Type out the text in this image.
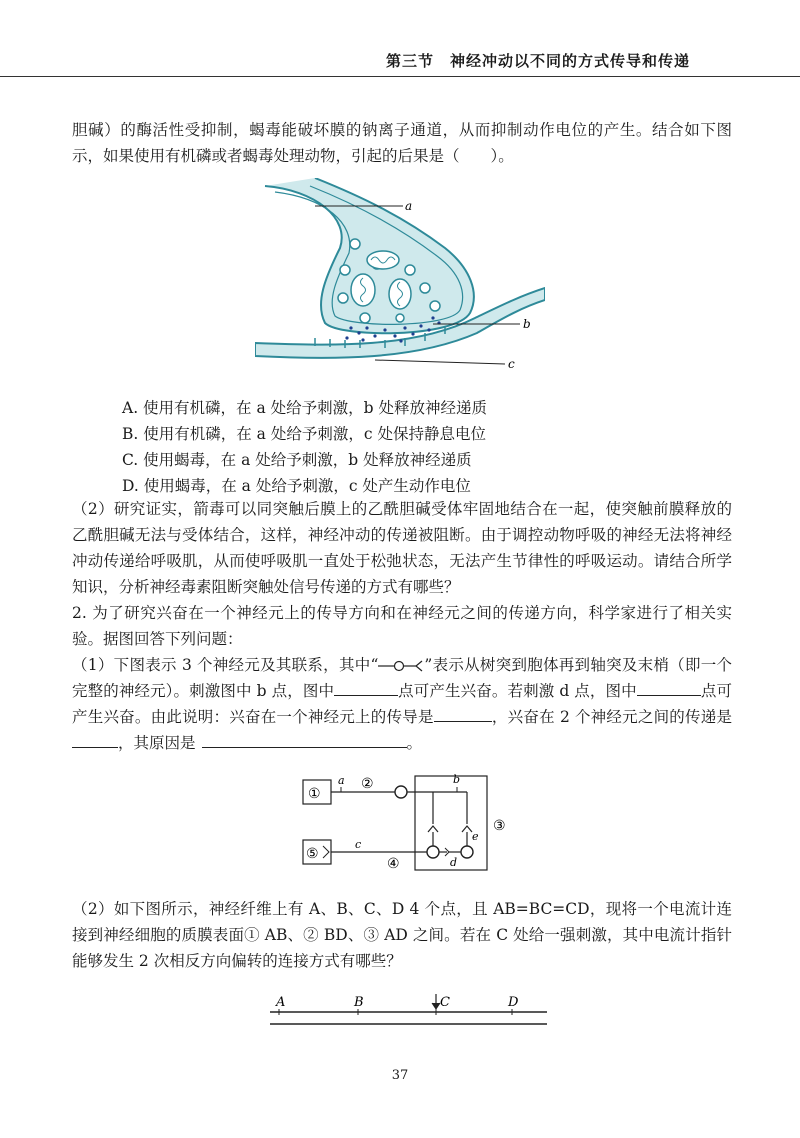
第三节　神经冲动以不同的方式传导和传递

胆碱）的酶活性受抑制，蝎毒能破坏膜的钠离子通道，从而抑制动作电位的产生。结合如下图示，如果使用有机磷或者蝎毒处理动物，引起的后果是（　　）。

a
b
c

A. 使用有机磷，在 a 处给予刺激，b 处释放神经递质

B. 使用有机磷，在 a 处给予刺激，c 处保持静息电位

C. 使用蝎毒，在 a 处给予刺激，b 处释放神经递质

D. 使用蝎毒，在 a 处给予刺激，c 处产生动作电位

（2）研究证实，箭毒可以同突触后膜上的乙酰胆碱受体牢固地结合在一起，使突触前膜释放的乙酰胆碱无法与受体结合，这样，神经冲动的传递被阻断。由于调控动物呼吸的神经无法将神经冲动传递给呼吸肌，从而使呼吸肌一直处于松弛状态，无法产生节律性的呼吸运动。请结合所学知识，分析神经毒素阻断突触处信号传递的方式有哪些？

2. 为了研究兴奋在一个神经元上的传导方向和在神经元之间的传递方向，科学家进行了相关实验。据图回答下列问题：

（1）下图表示 3 个神经元及其联系，其中“	”表示从树突到胞体再到轴突及末梢（即一个完整的神经元）。刺激图中 b 点，图中	点可产生兴奋。若刺激 d 点，图中	点可产生兴奋。由此说明：兴奋在一个神经元上的传导是	，兴奋在 2 个神经元之间的传递是，其原因是	。

①
a ②
③
b
e
⑤
c
④	d

（2）如下图所示，神经纤维上有 A、B、C、D 4 个点，且 AB=BC=CD，现将一个电流计连接到神经细胞的质膜表面① AB、② BD、③ AD 之间。若在 C 处给一强刺激，其中电流计指针能够发生 2 次相反方向偏转的连接方式有哪些？

A	B	C	D
37
